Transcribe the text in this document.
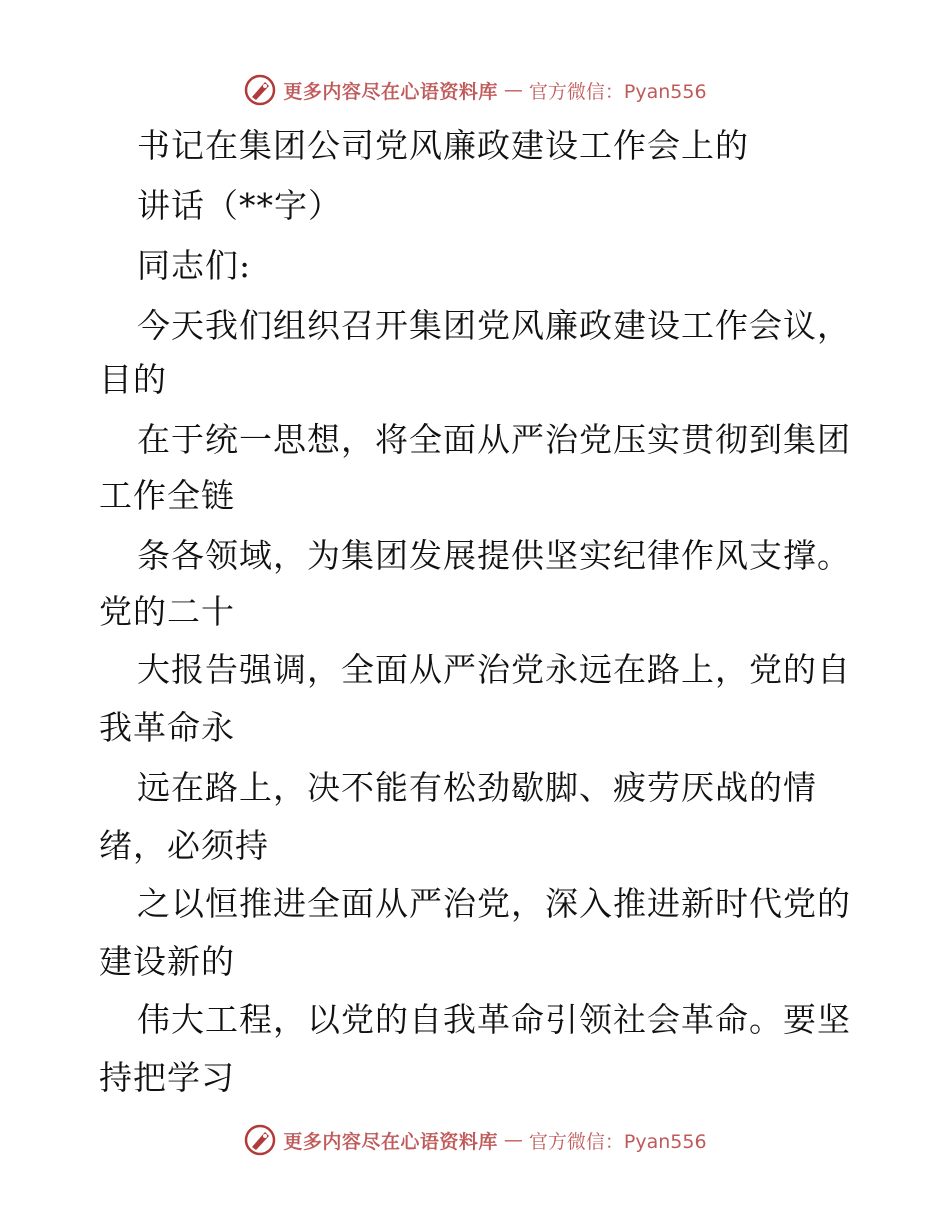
更多内容尽在心语资料库 — 官方微信：Pyan556
书记在集团公司党风廉政建设工作会上的
讲话（**字）
同志们:
今天我们组织召开集团党风廉政建设工作会议，
目的
在于统一思想，将全面从严治党压实贯彻到集团
工作全链
条各领域，为集团发展提供坚实纪律作风支撑。
党的二十
大报告强调，全面从严治党永远在路上，党的自
我革命永
远在路上，决不能有松劲歇脚、疲劳厌战的情
绪，必须持
之以恒推进全面从严治党，深入推进新时代党的
建设新的
伟大工程，以党的自我革命引领社会革命。要坚
持把学习
更多内容尽在心语资料库 — 官方微信：Pyan556
